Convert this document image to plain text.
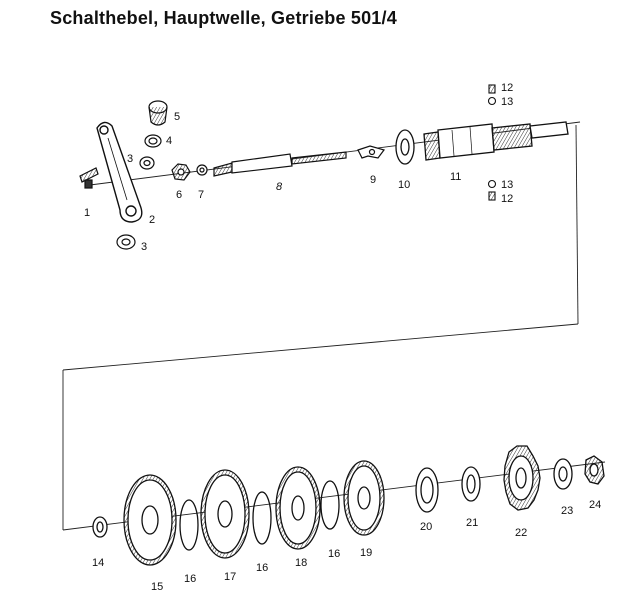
Schalthebel, Hauptwelle, Getriebe 501/4
1
2
3
3
4
5
6 7
8
9 10
11
12
13
12
13
14
15
16	17
16 18
16 19
20	21
22
23 24
